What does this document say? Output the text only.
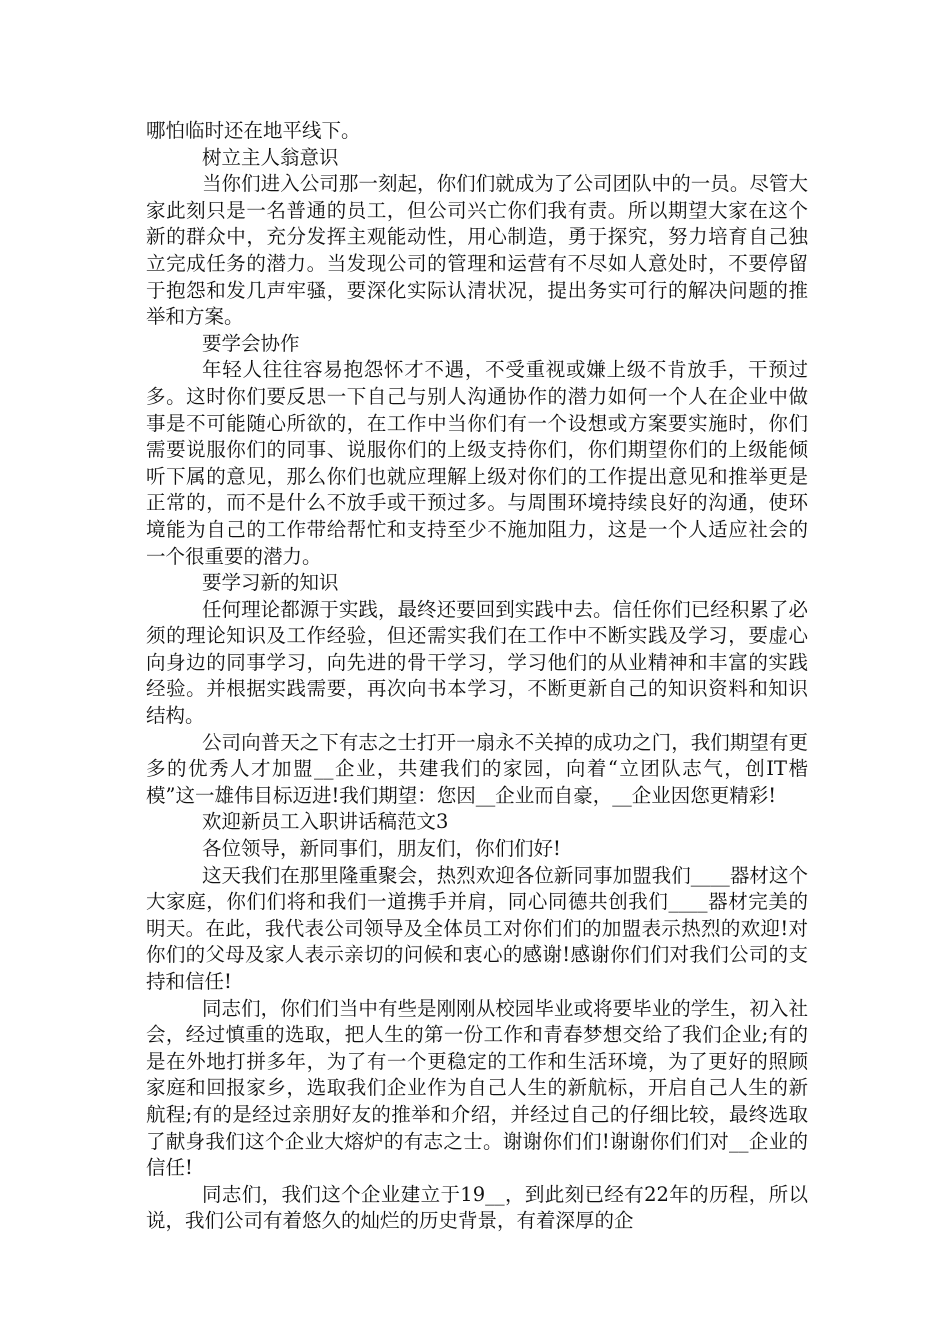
哪怕临时还在地平线下。

树立主人翁意识

当你们进入公司那一刻起，你们们就成为了公司团队中的一员。尽管大家此刻只是一名普通的员工，但公司兴亡你们我有责。所以期望大家在这个新的群众中，充分发挥主观能动性，用心制造，勇于探究，努力培育自己独立完成任务的潜力。当发现公司的管理和运营有不尽如人意处时，不要停留于抱怨和发几声牢骚，要深化实际认清状况，提出务实可行的解决问题的推举和方案。

要学会协作

年轻人往往容易抱怨怀才不遇，不受重视或嫌上级不肯放手，干预过多。这时你们要反思一下自己与别人沟通协作的潜力如何一个人在企业中做事是不可能随心所欲的，在工作中当你们有一个设想或方案要实施时，你们需要说服你们的同事、说服你们的上级支持你们，你们期望你们的上级能倾听下属的意见，那么你们也就应理解上级对你们的工作提出意见和推举更是正常的，而不是什么不放手或干预过多。与周围环境持续良好的沟通，使环境能为自己的工作带给帮忙和支持至少不施加阻力，这是一个人适应社会的一个很重要的潜力。

要学习新的知识

任何理论都源于实践，最终还要回到实践中去。信任你们已经积累了必须的理论知识及工作经验，但还需实我们在工作中不断实践及学习，要虚心向身边的同事学习，向先进的骨干学习，学习他们的从业精神和丰富的实践经验。并根据实践需要，再次向书本学习，不断更新自己的知识资料和知识结构。

公司向普天之下有志之士打开一扇永不关掉的成功之门，我们期望有更多的优秀人才加盟__企业，共建我们的家园，向着“立团队志气，创IT楷模”这一雄伟目标迈进!我们期望：您因__企业而自豪，__企业因您更精彩!

欢迎新员工入职讲话稿范文3

各位领导，新同事们，朋友们，你们们好!

这天我们在那里隆重聚会，热烈欢迎各位新同事加盟我们____器材这个大家庭，你们们将和我们一道携手并肩，同心同德共创我们____器材完美的明天。在此，我代表公司领导及全体员工对你们们的加盟表示热烈的欢迎!对你们的父母及家人表示亲切的问候和衷心的感谢!感谢你们们对我们公司的支持和信任!

同志们，你们们当中有些是刚刚从校园毕业或将要毕业的学生，初入社会，经过慎重的选取，把人生的第一份工作和青春梦想交给了我们企业;有的是在外地打拼多年，为了有一个更稳定的工作和生活环境，为了更好的照顾家庭和回报家乡，选取我们企业作为自己人生的新航标，开启自己人生的新航程;有的是经过亲朋好友的推举和介绍，并经过自己的仔细比较，最终选取了献身我们这个企业大熔炉的有志之士。谢谢你们们!谢谢你们们对__企业的信任!

同志们，我们这个企业建立于19__，到此刻已经有22年的历程，所以说，我们公司有着悠久的灿烂的历史背景，有着深厚的企
